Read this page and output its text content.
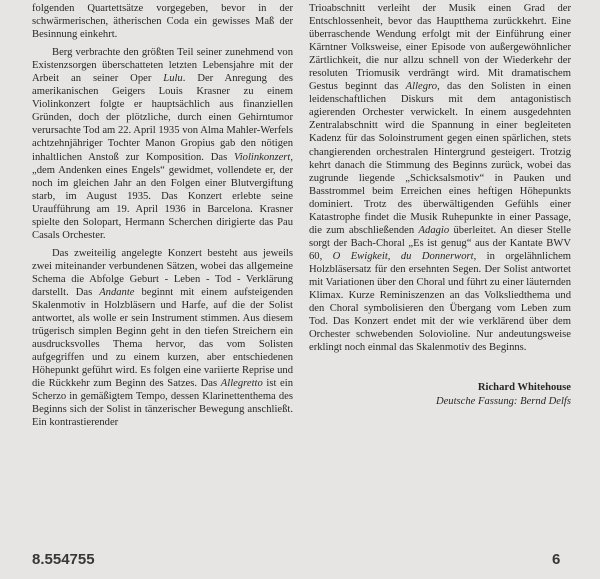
folgenden Quartettsätze vorgegeben, bevor in der schwärmerischen, ätherischen Coda ein gewisses Maß der Besinnung einkehrt.

Berg verbrachte den größten Teil seiner zunehmend von Existenzsorgen überschatteten letzten Lebensjahre mit der Arbeit an seiner Oper Lulu. Der Anregung des amerikanischen Geigers Louis Krasner zu einem Violinkonzert folgte er hauptsächlich aus finanziellen Gründen, doch der plötzliche, durch einen Gehirntumor verursachte Tod am 22. April 1935 von Alma Mahler-Werfels achtzehnjähriger Tochter Manon Gropius gab den nötigen inhaltlichen Anstoß zur Komposition. Das Violinkonzert, „dem Andenken eines Engels“ gewidmet, vollendete er, der noch im gleichen Jahr an den Folgen einer Blutvergiftung starb, im August 1935. Das Konzert erlebte seine Uraufführung am 19. April 1936 in Barcelona. Krasner spielte den Solopart, Hermann Scherchen dirigierte das Pau Casals Orchester.

Das zweiteilig angelegte Konzert besteht aus jeweils zwei miteinander verbundenen Sätzen, wobei das allgemeine Schema die Abfolge Geburt - Leben - Tod - Verklärung darstellt. Das Andante beginnt mit einem aufsteigenden Skalenmotiv in Holzbläsern und Harfe, auf die der Solist antwortet, als wolle er sein Instrument stimmen. Aus diesem trügerisch simplen Beginn geht in den tiefen Streichern ein ausdrucksvolles Thema hervor, das vom Solisten aufgegriffen und zu einem kurzen, aber entschiedenen Höhepunkt geführt wird. Es folgen eine variierte Reprise und die Rückkehr zum Beginn des Satzes. Das Allegretto ist ein Scherzo in gemäßigtem Tempo, dessen Klarinettenthema des Beginns sich der Solist in tänzerischer Bewegung anschließt. Ein kontrastierender

Trioabschnitt verleiht der Musik einen Grad der Entschlossenheit, bevor das Hauptthema zurückkehrt. Eine überraschende Wendung erfolgt mit der Einführung einer Kärntner Volksweise, einer Episode von außergewöhnlicher Zärtlichkeit, die nur allzu schnell von der Wiederkehr der resoluten Triomusik verdrängt wird. Mit dramatischem Gestus beginnt das Allegro, das den Solisten in einen leidenschaftlichen Diskurs mit dem antagonistisch agierenden Orchester verwickelt. In einem ausgedehnten Zentralabschnitt wird die Spannung in einer begleiteten Kadenz für das Soloinstrument gegen einen spärlichen, stets changierenden orchestralen Hintergrund gesteigert. Trotzig kehrt danach die Stimmung des Beginns zurück, wobei das zugrunde liegende „Schicksalsmotiv“ in Pauken und Basstrommel beim Erreichen eines heftigen Höhepunkts dominiert. Trotz des überwältigenden Gefühls einer Katastrophe findet die Musik Ruhepunkte in einer Passage, die zum abschließenden Adagio überleitet. An dieser Stelle sorgt der Bach-Choral „Es ist genug“ aus der Kantate BWV 60, O Ewigkeit, du Donnerwort, in orgelähnlichem Holzbläsersatz für den ersehnten Segen. Der Solist antwortet mit Variationen über den Choral und führt zu einer läuternden Klimax. Kurze Reminiszenzen an das Volksliedthema und den Choral symbolisieren den Übergang vom Leben zum Tod. Das Konzert endet mit der wie verklärend über dem Orchester schwebenden Solovioline. Nur andeutungsweise erklingt noch einmal das Skalenmotiv des Beginns.

Richard Whitehouse
Deutsche Fassung: Bernd Delfs
8.554755	6
